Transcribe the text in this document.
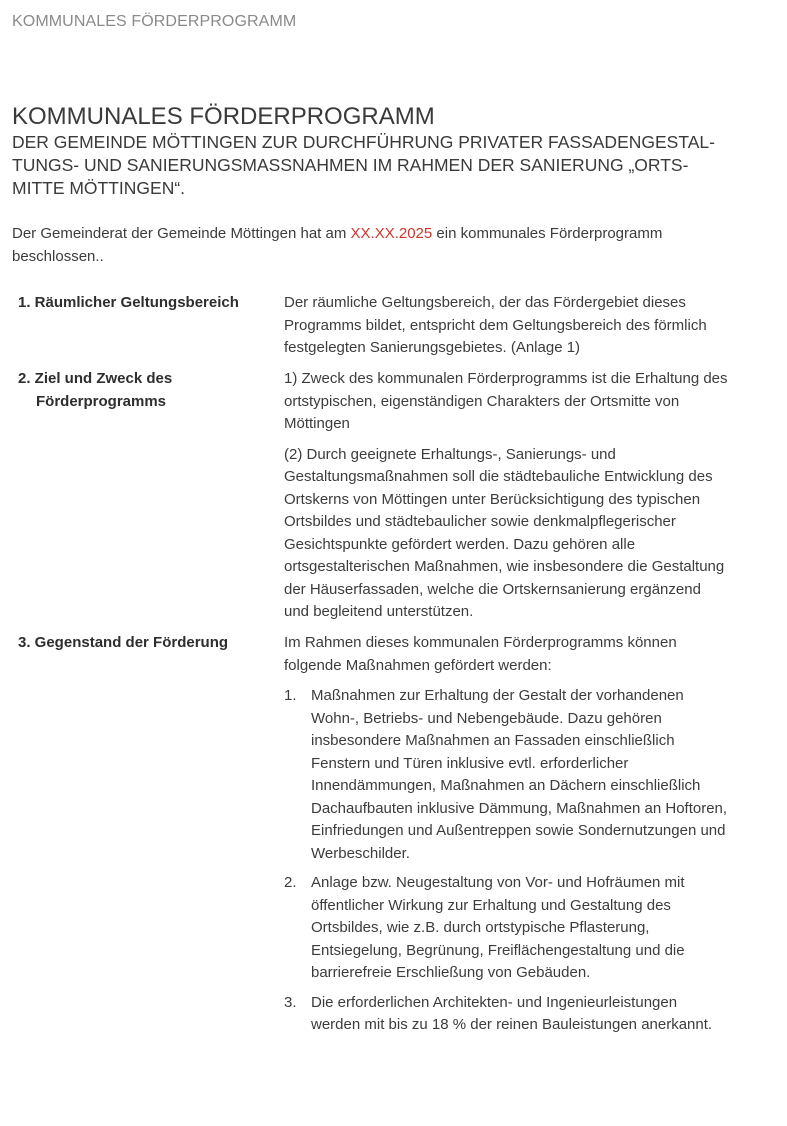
KOMMUNALES FÖRDERPROGRAMM
KOMMUNALES FÖRDERPROGRAMM
DER GEMEINDE MÖTTINGEN ZUR DURCHFÜHRUNG PRIVATER FASSADENGESTAL-
TUNGS- UND SANIERUNGSMASSNAHMEN IM RAHMEN DER SANIERUNG „ORTS-
MITTE MÖTTINGEN“.
Der Gemeinderat der Gemeinde Möttingen hat am XX.XX.2025 ein kommunales Förderprogramm beschlossen..
1. Räumlicher Geltungsbereich	Der räumliche Geltungsbereich, der das Fördergebiet dieses Programms bildet, entspricht dem Geltungsbereich des förmlich festgelegten Sanierungsgebietes. (Anlage 1)

2. Ziel und Zweck des
Förderprogramms

1) Zweck des kommunalen Förderprogramms ist die Erhaltung des ortstypischen, eigenständigen Charakters der Ortsmitte von Möttingen

(2) Durch geeignete Erhaltungs-, Sanierungs- und Gestaltungsmaßnahmen soll die städtebauliche Entwicklung des Ortskerns von Möttingen unter Berücksichtigung des typischen Ortsbildes und städtebaulicher sowie denkmalpflegerischer Gesichtspunkte gefördert werden. Dazu gehören alle ortsgestalterischen Maßnahmen, wie insbesondere die Gestaltung der Häuserfassaden, welche die Ortskernsanierung ergänzend und begleitend unterstützen.

3. Gegenstand der Förderung	Im Rahmen dieses kommunalen Förderprogramms können folgende Maßnahmen gefördert werden:

1. Maßnahmen zur Erhaltung der Gestalt der vorhandenen Wohn-, Betriebs- und Nebengebäude. Dazu gehören insbesondere Maßnahmen an Fassaden einschließlich Fenstern und Türen inklusive evtl. erforderlicher Innendämmungen, Maßnahmen an Dächern einschließlich Dachaufbauten inklusive Dämmung, Maßnahmen an Hoftoren, Einfriedungen und Außentreppen sowie Sondernutzungen und Werbeschilder.
2. Anlage bzw. Neugestaltung von Vor- und Hofräumen mit öffentlicher Wirkung zur Erhaltung und Gestaltung des Ortsbildes, wie z.B. durch ortstypische Pflasterung, Entsiegelung, Begrünung, Freiflächengestaltung und die barrierefreie Erschließung von Gebäuden.
3. Die erforderlichen Architekten- und Ingenieurleistungen werden mit bis zu 18 % der reinen Bauleistungen anerkannt.
